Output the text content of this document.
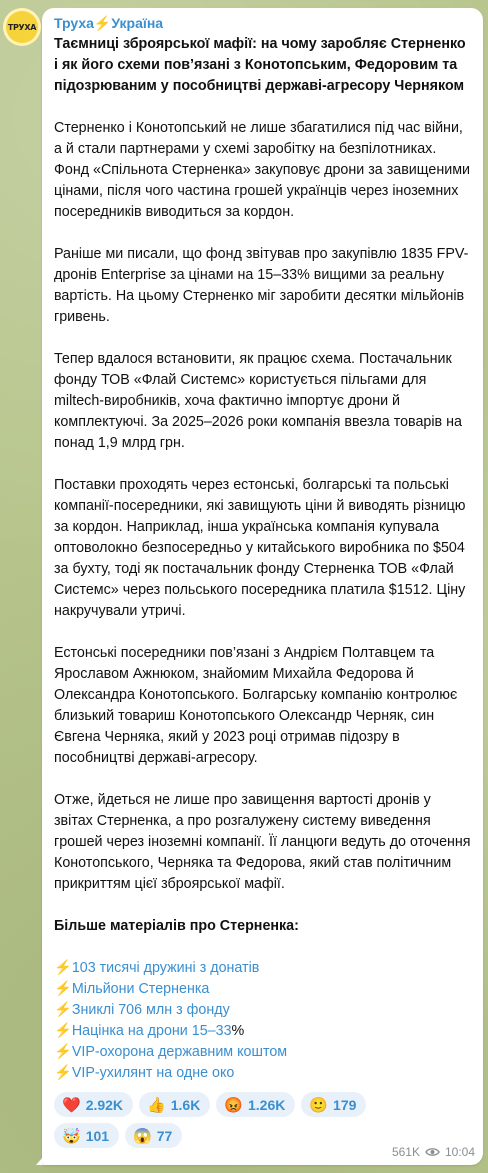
ТРУХА Труха ⚡ Україна
Таємниці зброярської мафії: на чому заробляє Стерненко і як його схеми пов’язані з Конотопським, Федоровим та підозрюваним у пособництві державі-агресору Черняком
Стерненко і Конотопський не лише збагатилися під час війни, а й стали партнерами у схемі заробітку на безпілотниках. Фонд «Спільнота Стерненка» закуповує дрони за завищеними цінами, після чого частина грошей українців через іноземних посередників виводиться за кордон.
Раніше ми писали, що фонд звітував про закупівлю 1835 FPV-дронів Enterprise за цінами на 15–33% вищими за реальну вартість. На цьому Стерненко міг заробити десятки мільйонів гривень.
Тепер вдалося встановити, як працює схема. Постачальник фонду ТОВ «Флай Системс» користується пільгами для miltech-виробників, хоча фактично імпортує дрони й комплектуючі. За 2025–2026 роки компанія ввезла товарів на понад 1,9 млрд грн.
Поставки проходять через естонські, болгарські та польські компанії-посередники, які завищують ціни й виводять різницю за кордон. Наприклад, інша українська компанія купувала оптоволокно безпосередньо у китайського виробника по $504 за бухту, тоді як постачальник фонду Стерненка ТОВ «Флай Системс» через польського посередника платила $1512. Ціну накручували утричі.
Естонські посередники пов’язані з Андрієм Полтавцем та Ярославом Ажнюком, знайомим Михайла Федорова й Олександра Конотопського. Болгарську компанію контролює близький товариш Конотопського Олександр Черняк, син Євгена Черняка, який у 2023 році отримав підозру в пособництві державі-агресору.
Отже, йдеться не лише про завищення вартості дронів у звітах Стерненка, а про розгалужену систему виведення грошей через іноземні компанії. Її ланцюги ведуть до оточення Конотопського, Черняка та Федорова, який став політичним прикриттям цієї зброярської мафії.
Більше матеріалів про Стерненка:
⚡103 тисячі дружині з донатів
⚡Мільйони Стерненка
⚡Зниклі 706 млн з фонду
⚡Націнка на дрони 15–33%
⚡VIP-охорона державним коштом
⚡VIP-ухилянт на одне око
❤️ 2.92K 👍 1.6K 😡 1.26K 🙂 179
🤯 101 😱 77
561K 10:04
